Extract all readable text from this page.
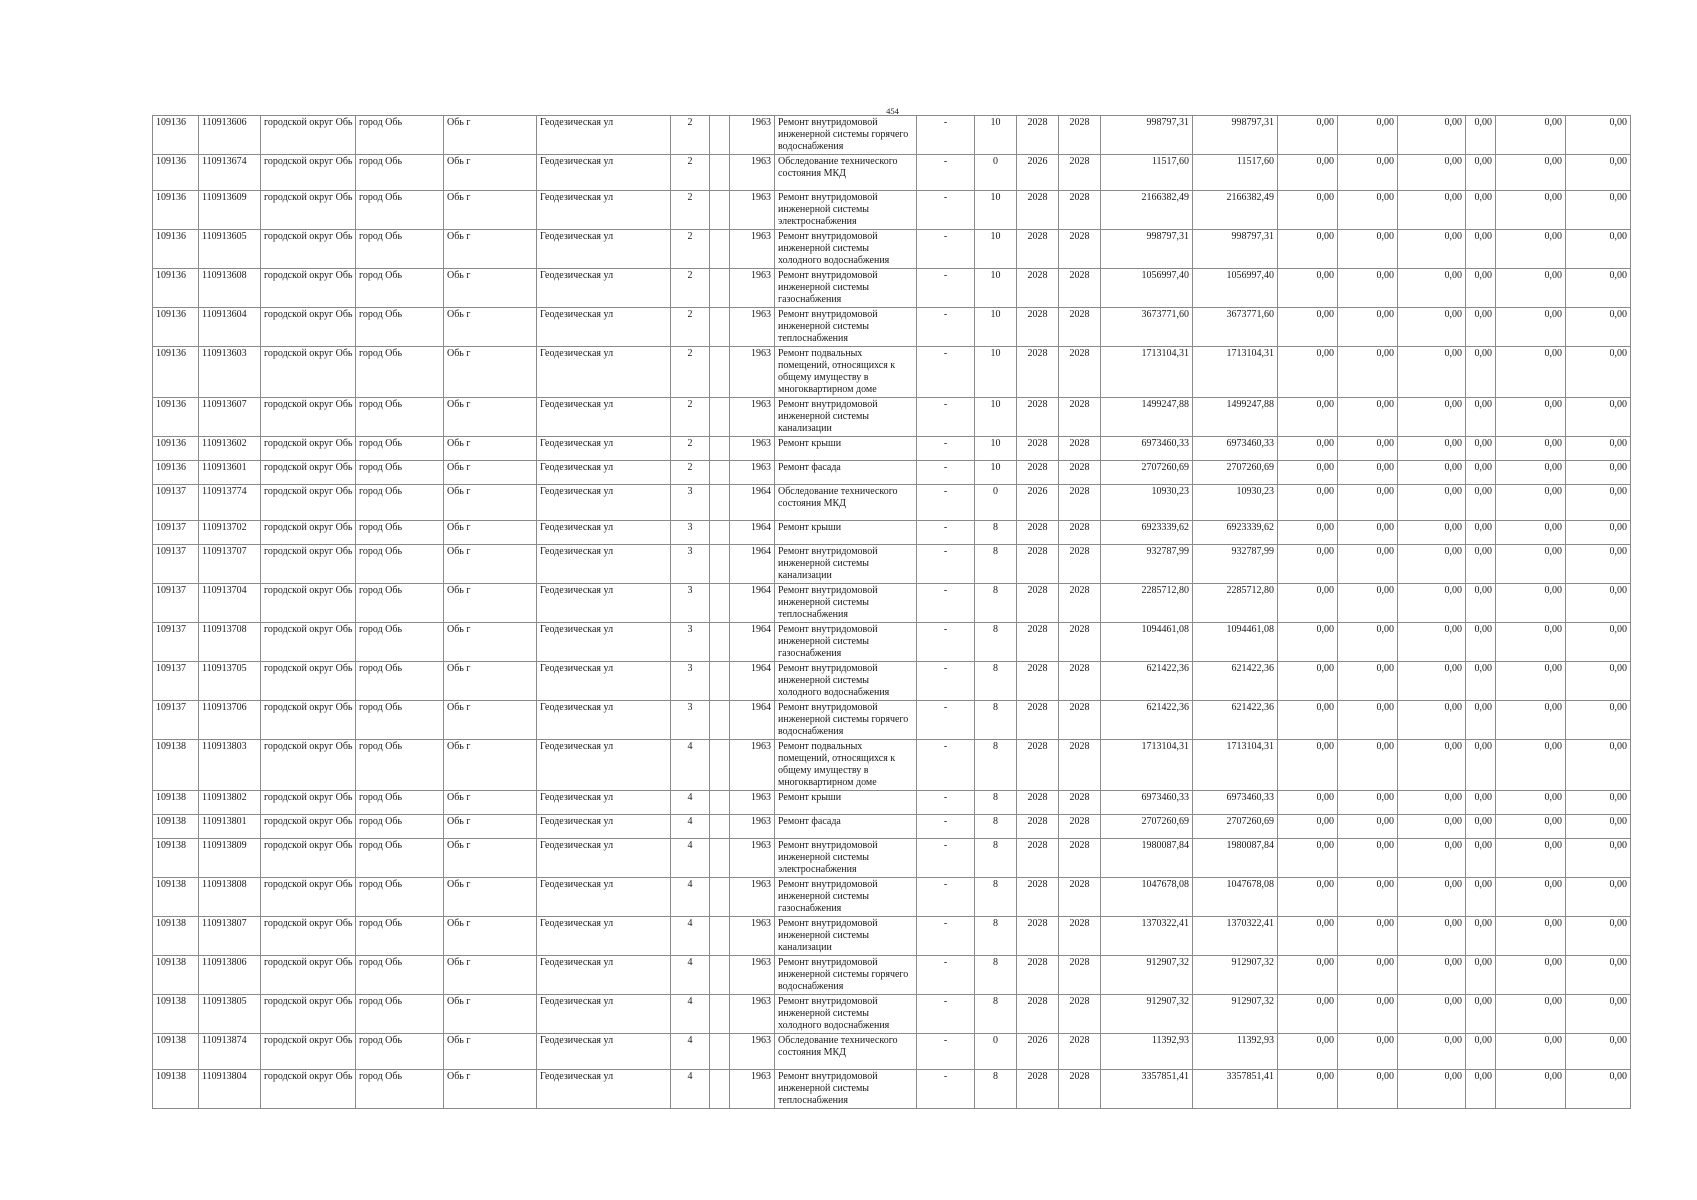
454
109136	110913606	городской округ Обь	город Обь	Обь г	Геодезическая ул	2		1963	Ремонт внутридомовой инженерной системы горячего водоснабжения	-	10	2028	2028	998797,31	998797,31	0,00	0,00	0,00	0,00	0,00	0,00
109136	110913674	городской округ Обь	город Обь	Обь г	Геодезическая ул	2		1963	Обследование технического состояния МКД	-	0	2026	2028	11517,60	11517,60	0,00	0,00	0,00	0,00	0,00	0,00
109136	110913609	городской округ Обь	город Обь	Обь г	Геодезическая ул	2		1963	Ремонт внутридомовой инженерной системы электроснабжения	-	10	2028	2028	2166382,49	2166382,49	0,00	0,00	0,00	0,00	0,00	0,00
109136	110913605	городской округ Обь	город Обь	Обь г	Геодезическая ул	2		1963	Ремонт внутридомовой инженерной системы холодного водоснабжения	-	10	2028	2028	998797,31	998797,31	0,00	0,00	0,00	0,00	0,00	0,00
109136	110913608	городской округ Обь	город Обь	Обь г	Геодезическая ул	2		1963	Ремонт внутридомовой инженерной системы газоснабжения	-	10	2028	2028	1056997,40	1056997,40	0,00	0,00	0,00	0,00	0,00	0,00
109136	110913604	городской округ Обь	город Обь	Обь г	Геодезическая ул	2		1963	Ремонт внутридомовой инженерной системы теплоснабжения	-	10	2028	2028	3673771,60	3673771,60	0,00	0,00	0,00	0,00	0,00	0,00
109136	110913603	городской округ Обь	город Обь	Обь г	Геодезическая ул	2		1963	Ремонт подвальных помещений, относящихся к общему имуществу в многоквартирном доме	-	10	2028	2028	1713104,31	1713104,31	0,00	0,00	0,00	0,00	0,00	0,00
109136	110913607	городской округ Обь	город Обь	Обь г	Геодезическая ул	2		1963	Ремонт внутридомовой инженерной системы канализации	-	10	2028	2028	1499247,88	1499247,88	0,00	0,00	0,00	0,00	0,00	0,00
109136	110913602	городской округ Обь	город Обь	Обь г	Геодезическая ул	2		1963	Ремонт крыши	-	10	2028	2028	6973460,33	6973460,33	0,00	0,00	0,00	0,00	0,00	0,00
109136	110913601	городской округ Обь	город Обь	Обь г	Геодезическая ул	2		1963	Ремонт фасада	-	10	2028	2028	2707260,69	2707260,69	0,00	0,00	0,00	0,00	0,00	0,00
109137	110913774	городской округ Обь	город Обь	Обь г	Геодезическая ул	3		1964	Обследование технического состояния МКД	-	0	2026	2028	10930,23	10930,23	0,00	0,00	0,00	0,00	0,00	0,00
109137	110913702	городской округ Обь	город Обь	Обь г	Геодезическая ул	3		1964	Ремонт крыши	-	8	2028	2028	6923339,62	6923339,62	0,00	0,00	0,00	0,00	0,00	0,00
109137	110913707	городской округ Обь	город Обь	Обь г	Геодезическая ул	3		1964	Ремонт внутридомовой инженерной системы канализации	-	8	2028	2028	932787,99	932787,99	0,00	0,00	0,00	0,00	0,00	0,00
109137	110913704	городской округ Обь	город Обь	Обь г	Геодезическая ул	3		1964	Ремонт внутридомовой инженерной системы теплоснабжения	-	8	2028	2028	2285712,80	2285712,80	0,00	0,00	0,00	0,00	0,00	0,00
109137	110913708	городской округ Обь	город Обь	Обь г	Геодезическая ул	3		1964	Ремонт внутридомовой инженерной системы газоснабжения	-	8	2028	2028	1094461,08	1094461,08	0,00	0,00	0,00	0,00	0,00	0,00
109137	110913705	городской округ Обь	город Обь	Обь г	Геодезическая ул	3		1964	Ремонт внутридомовой инженерной системы холодного водоснабжения	-	8	2028	2028	621422,36	621422,36	0,00	0,00	0,00	0,00	0,00	0,00
109137	110913706	городской округ Обь	город Обь	Обь г	Геодезическая ул	3		1964	Ремонт внутридомовой инженерной системы горячего водоснабжения	-	8	2028	2028	621422,36	621422,36	0,00	0,00	0,00	0,00	0,00	0,00
109138	110913803	городской округ Обь	город Обь	Обь г	Геодезическая ул	4		1963	Ремонт подвальных помещений, относящихся к общему имуществу в многоквартирном доме	-	8	2028	2028	1713104,31	1713104,31	0,00	0,00	0,00	0,00	0,00	0,00
109138	110913802	городской округ Обь	город Обь	Обь г	Геодезическая ул	4		1963	Ремонт крыши	-	8	2028	2028	6973460,33	6973460,33	0,00	0,00	0,00	0,00	0,00	0,00
109138	110913801	городской округ Обь	город Обь	Обь г	Геодезическая ул	4		1963	Ремонт фасада	-	8	2028	2028	2707260,69	2707260,69	0,00	0,00	0,00	0,00	0,00	0,00
109138	110913809	городской округ Обь	город Обь	Обь г	Геодезическая ул	4		1963	Ремонт внутридомовой инженерной системы электроснабжения	-	8	2028	2028	1980087,84	1980087,84	0,00	0,00	0,00	0,00	0,00	0,00
109138	110913808	городской округ Обь	город Обь	Обь г	Геодезическая ул	4		1963	Ремонт внутридомовой инженерной системы газоснабжения	-	8	2028	2028	1047678,08	1047678,08	0,00	0,00	0,00	0,00	0,00	0,00
109138	110913807	городской округ Обь	город Обь	Обь г	Геодезическая ул	4		1963	Ремонт внутридомовой инженерной системы канализации	-	8	2028	2028	1370322,41	1370322,41	0,00	0,00	0,00	0,00	0,00	0,00
109138	110913806	городской округ Обь	город Обь	Обь г	Геодезическая ул	4		1963	Ремонт внутридомовой инженерной системы горячего водоснабжения	-	8	2028	2028	912907,32	912907,32	0,00	0,00	0,00	0,00	0,00	0,00
109138	110913805	городской округ Обь	город Обь	Обь г	Геодезическая ул	4		1963	Ремонт внутридомовой инженерной системы холодного водоснабжения	-	8	2028	2028	912907,32	912907,32	0,00	0,00	0,00	0,00	0,00	0,00
109138	110913874	городской округ Обь	город Обь	Обь г	Геодезическая ул	4		1963	Обследование технического состояния МКД	-	0	2026	2028	11392,93	11392,93	0,00	0,00	0,00	0,00	0,00	0,00
109138	110913804	городской округ Обь	город Обь	Обь г	Геодезическая ул	4		1963	Ремонт внутридомовой инженерной системы теплоснабжения	-	8	2028	2028	3357851,41	3357851,41	0,00	0,00	0,00	0,00	0,00	0,00
